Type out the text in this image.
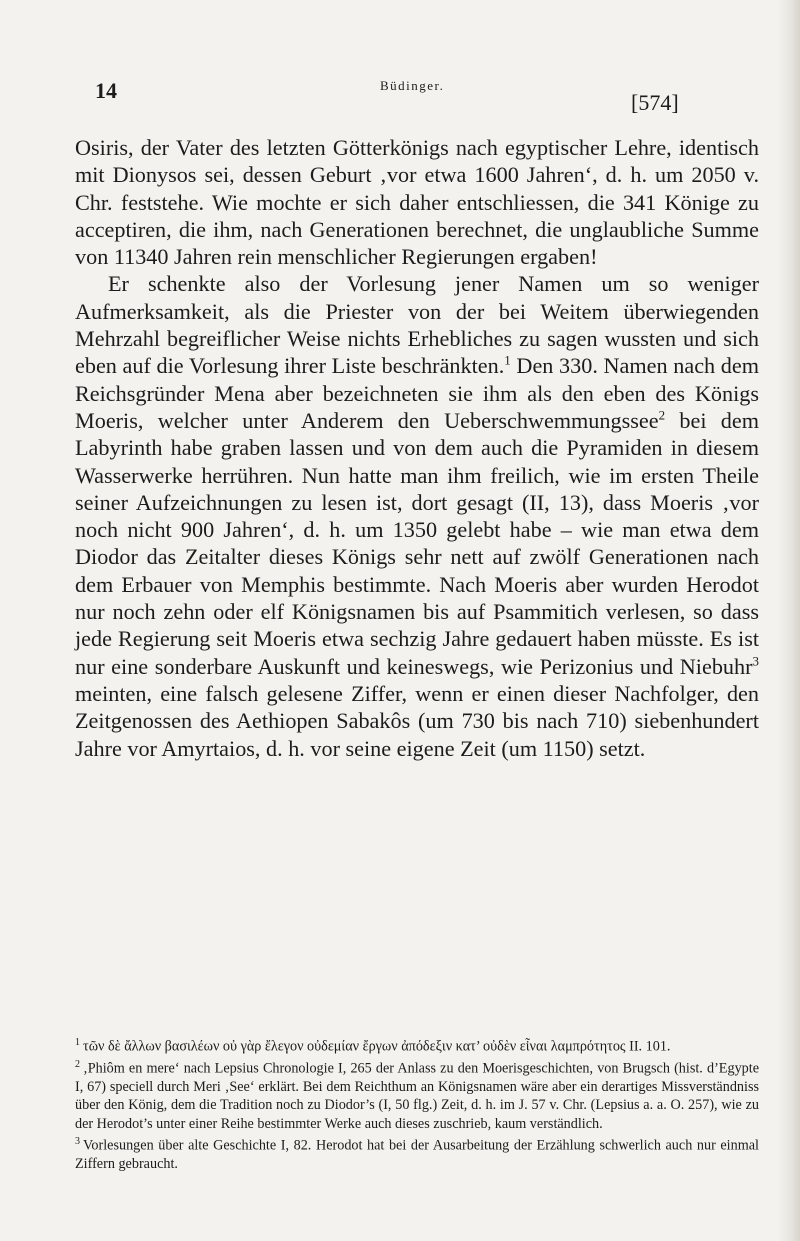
14	Büdinger.
[574]

Osiris, der Vater des letzten Götterkönigs nach egyptischer Lehre, identisch mit Dionysos sei, dessen Geburt ‚vor etwa 1600 Jahren‘, d. h. um 2050 v. Chr. feststehe. Wie mochte er sich daher entschliessen, die 341 Könige zu acceptiren, die ihm, nach Generationen berechnet, die unglaubliche Summe von 11340 Jahren rein menschlicher Regierungen ergaben!

Er schenkte also der Vorlesung jener Namen um so weniger Aufmerksamkeit, als die Priester von der bei Weitem überwiegenden Mehrzahl begreiflicher Weise nichts Erhebliches zu sagen wussten und sich eben auf die Vorlesung ihrer Liste beschränkten.$^1$ Den 330. Namen nach dem Reichsgründer Mena aber bezeichneten sie ihm als den eben des Königs Moeris, welcher unter Anderem den Ueberschwemmungssee$^2$ bei dem Labyrinth habe graben lassen und von dem auch die Pyramiden in diesem Wasserwerke herrühren. Nun hatte man ihm freilich, wie im ersten Theile seiner Aufzeichnungen zu lesen ist, dort gesagt (II, 13), dass Moeris ‚vor noch nicht 900 Jahren‘, d. h. um 1350 gelebt habe – wie man etwa dem Diodor das Zeitalter dieses Königs sehr nett auf zwölf Generationen nach dem Erbauer von Memphis bestimmte. Nach Moeris aber wurden Herodot nur noch zehn oder elf Königsnamen bis auf Psammitich verlesen, so dass jede Regierung seit Moeris etwa sechzig Jahre gedauert haben müsste. Es ist nur eine sonderbare Auskunft und keineswegs, wie Perizonius und Niebuhr$^3$ meinten, eine falsch gelesene Ziffer, wenn er einen dieser Nachfolger, den Zeitgenossen des Aethiopen Sabakôs (um 730 bis nach 710) siebenhundert Jahre vor Amyrtaios, d. h. vor seine eigene Zeit (um 1150) setzt.

$^1$ τῶν δὲ ἄλλων βασιλέων οὐ γὰρ ἔλεγον οὐδεμίαν ἔργων ἀπόδεξιν κατ’ οὐδὲν εἶναι λαμπρότητος II. 101.

$^2$ ‚Phiôm en mere‘ nach Lepsius Chronologie I, 265 der Anlass zu den Moerisgeschichten, von Brugsch (hist. d’Egypte I, 67) speciell durch Meri ‚See‘ erklärt. Bei dem Reichthum an Königsnamen wäre aber ein derartiges Missverständniss über den König, dem die Tradition noch zu Diodor’s (I, 50 flg.) Zeit, d. h. im J. 57 v. Chr. (Lepsius a. a. O. 257), wie zu der Herodot’s unter einer Reihe bestimmter Werke auch dieses zuschrieb, kaum verständlich.

$^3$ Vorlesungen über alte Geschichte I, 82. Herodot hat bei der Ausarbeitung der Erzählung schwerlich auch nur einmal Ziffern gebraucht.
